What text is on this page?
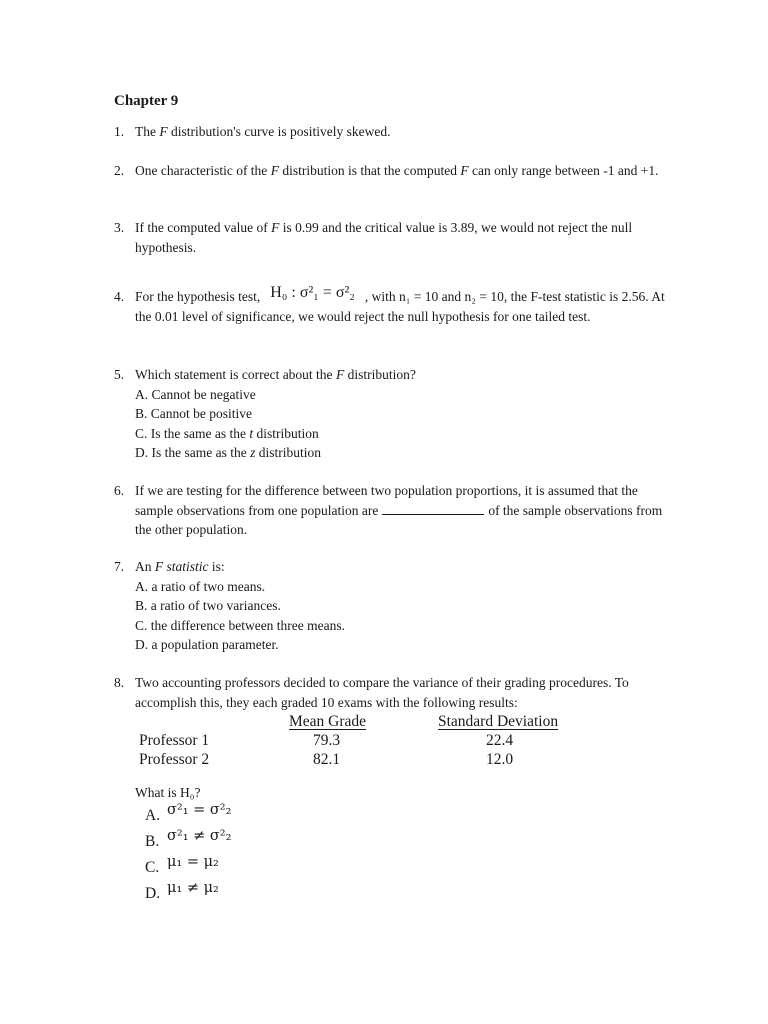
Chapter 9
1. The F distribution's curve is positively skewed.
2. One characteristic of the F distribution is that the computed F can only range between -1 and +1.
3. If the computed value of F is 0.99 and the critical value is 3.89, we would not reject the null hypothesis.
4. For the hypothesis test, H₀ : σ²₁ = σ²₂ , with n₁ = 10 and n₂ = 10, the F-test statistic is 2.56. At the 0.01 level of significance, we would reject the null hypothesis for one tailed test.
5. Which statement is correct about the F distribution?
A. Cannot be negative
B. Cannot be positive
C. Is the same as the t distribution
D. Is the same as the z distribution
6. If we are testing for the difference between two population proportions, it is assumed that the sample observations from one population are	of the sample observations from the other population.
7. An F statistic is:
A. a ratio of two means.
B. a ratio of two variances.
C. the difference between three means.
D. a population parameter.
8. Two accounting professors decided to compare the variance of their grading procedures. To accomplish this, they each graded 10 exams with the following results:
	Mean Grade	Standard Deviation
Professor 1	79.3	22.4
Professor 2	82.1	12.0
What is H₀?
A. σ²₁ = σ²₂
B. σ²₁ ≠ σ²₂
C. μ₁ = μ₂
D. μ₁ ≠ μ₂
